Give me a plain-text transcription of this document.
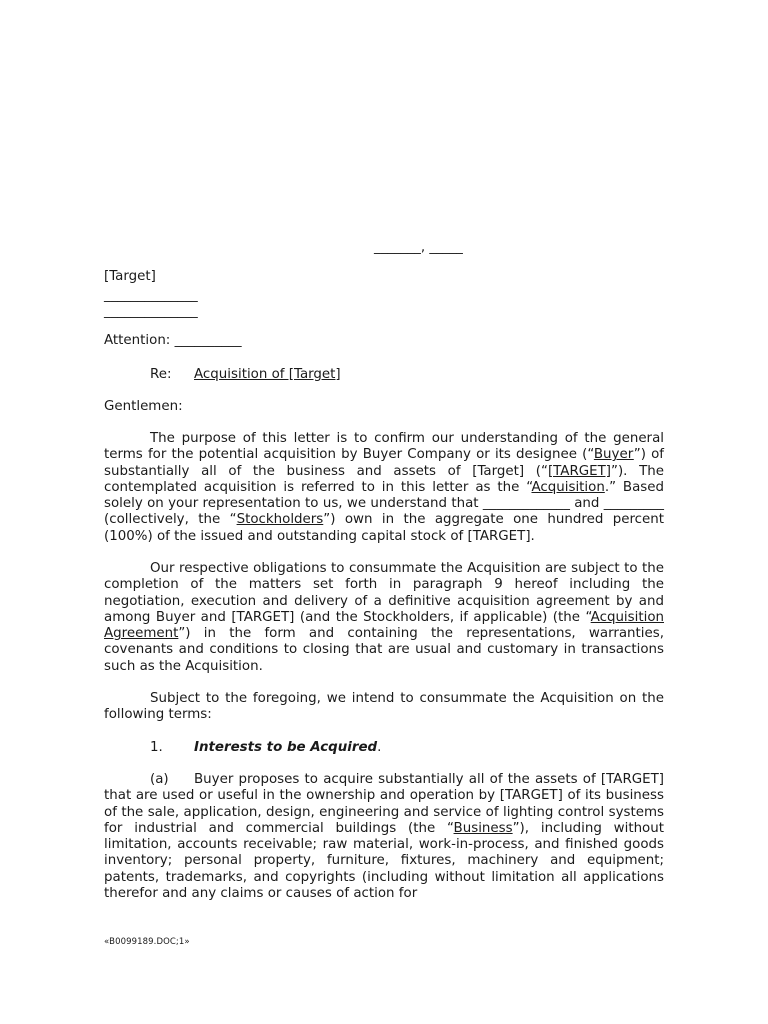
_______, _____
[Target]
______________
______________
Attention: __________
Re: Acquisition of [Target]
Gentlemen:

The purpose of this letter is to confirm our understanding of the general terms for the potential acquisition by Buyer Company or its designee (“Buyer”) of substantially all of the business and assets of [Target] (“[TARGET]”). The contemplated acquisition is referred to in this letter as the “Acquisition.” Based solely on your representation to us, we understand that _____________ and _________ (collectively, the “Stockholders”) own in the aggregate one hundred percent (100%) of the issued and outstanding capital stock of [TARGET].

Our respective obligations to consummate the Acquisition are subject to the completion of the matters set forth in paragraph 9 hereof including the negotiation, execution and delivery of a definitive acquisition agreement by and among Buyer and [TARGET] (and the Stockholders, if applicable) (the “Acquisition Agreement”) in the form and containing the representations, warranties, covenants and conditions to closing that are usual and customary in transactions such as the Acquisition.

Subject to the foregoing, we intend to consummate the Acquisition on the following terms:

1. Interests to be Acquired.

(a) Buyer proposes to acquire substantially all of the assets of [TARGET] that are used or useful in the ownership and operation by [TARGET] of its business of the sale, application, design, engineering and service of lighting control systems for industrial and commercial buildings (the “Business”), including without limitation, accounts receivable; raw material, work-in-process, and finished goods inventory; personal property, furniture, fixtures, machinery and equipment; patents, trademarks, and copyrights (including without limitation all applications therefor and any claims or causes of action for

«B0099189.DOC;1»
